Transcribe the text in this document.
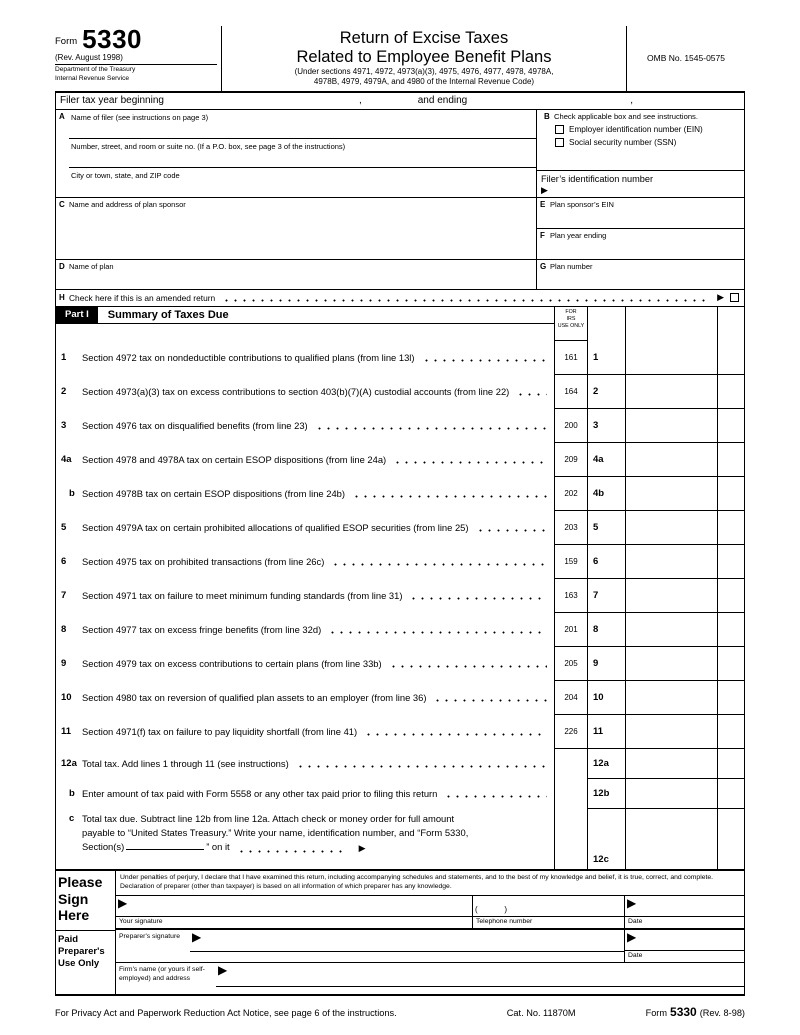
Form 5330
(Rev. August 1998)
Department of the Treasury
Internal Revenue Service
Return of Excise Taxes
Related to Employee Benefit Plans
(Under sections 4971, 4972, 4973(a)(3), 4975, 4976, 4977, 4978, 4978A,
4978B, 4979, 4979A, and 4980 of the Internal Revenue Code)
OMB No. 1545-0575
Filer tax year beginning	,	and ending	,
A Name of filer (see instructions on page 3)
Number, street, and room or suite no. (If a P.O. box, see page 3 of the instructions)
City or town, state, and ZIP code
B Check applicable box and see instructions.
Employer identification number (EIN)
Social security number (SSN)
Filer’s identification number
▶
C Name and address of plan sponsor	E Plan sponsor’s EIN
F Plan year ending
D Name of plan	G Plan number
H Check here if this is an amended return	▶
Part I	Summary of Taxes Due	FOR
IRS
USE ONLY
1	Section 4972 tax on nondeductible contributions to qualified plans (from line 13l)	161	1
2	Section 4973(a)(3) tax on excess contributions to section 403(b)(7)(A) custodial accounts (from line 22)	164	2
3	Section 4976 tax on disqualified benefits (from line 23)	200	3
4a	Section 4978 and 4978A tax on certain ESOP dispositions (from line 24a)	209	4a
b Section 4978B tax on certain ESOP dispositions (from line 24b)	202	4b
5	Section 4979A tax on certain prohibited allocations of qualified ESOP securities (from line 25)	203	5
6	Section 4975 tax on prohibited transactions (from line 26c)	159	6
7	Section 4971 tax on failure to meet minimum funding standards (from line 31)	163	7
8	Section 4977 tax on excess fringe benefits (from line 32d)	201	8
9	Section 4979 tax on excess contributions to certain plans (from line 33b)	205	9
10	Section 4980 tax on reversion of qualified plan assets to an employer (from line 36)	204	10
11	Section 4971(f) tax on failure to pay liquidity shortfall (from line 41)	226	11
12a Total tax. Add lines 1 through 11 (see instructions)	12a
b Enter amount of tax paid with Form 5558 or any other tax paid prior to filing this return	12b
c Total tax due. Subtract line 12b from line 12a. Attach check or money order for full amount
payable to “United States Treasury.” Write your name, identification number, and “Form 5330,
Section(s)	” on it	▶
12c
Please Sign Here
Paid Preparer's Use Only
Under penalties of perjury, I declare that I have examined this return, including accompanying schedules and statements, and to the best of my knowledge and belief, it is true, correct, and complete. Declaration of preparer (other than taxpayer) is based on all information of which preparer has any knowledge.
▶
Your signature
(            )
Telephone number
▶
Date
Preparer's signature	▶	▶
Date
Firm's name (or yours if self-employed) and address
▶
For Privacy Act and Paperwork Reduction Act Notice, see page 6 of the instructions.	Cat. No. 11870M	Form 5330 (Rev. 8-98)
